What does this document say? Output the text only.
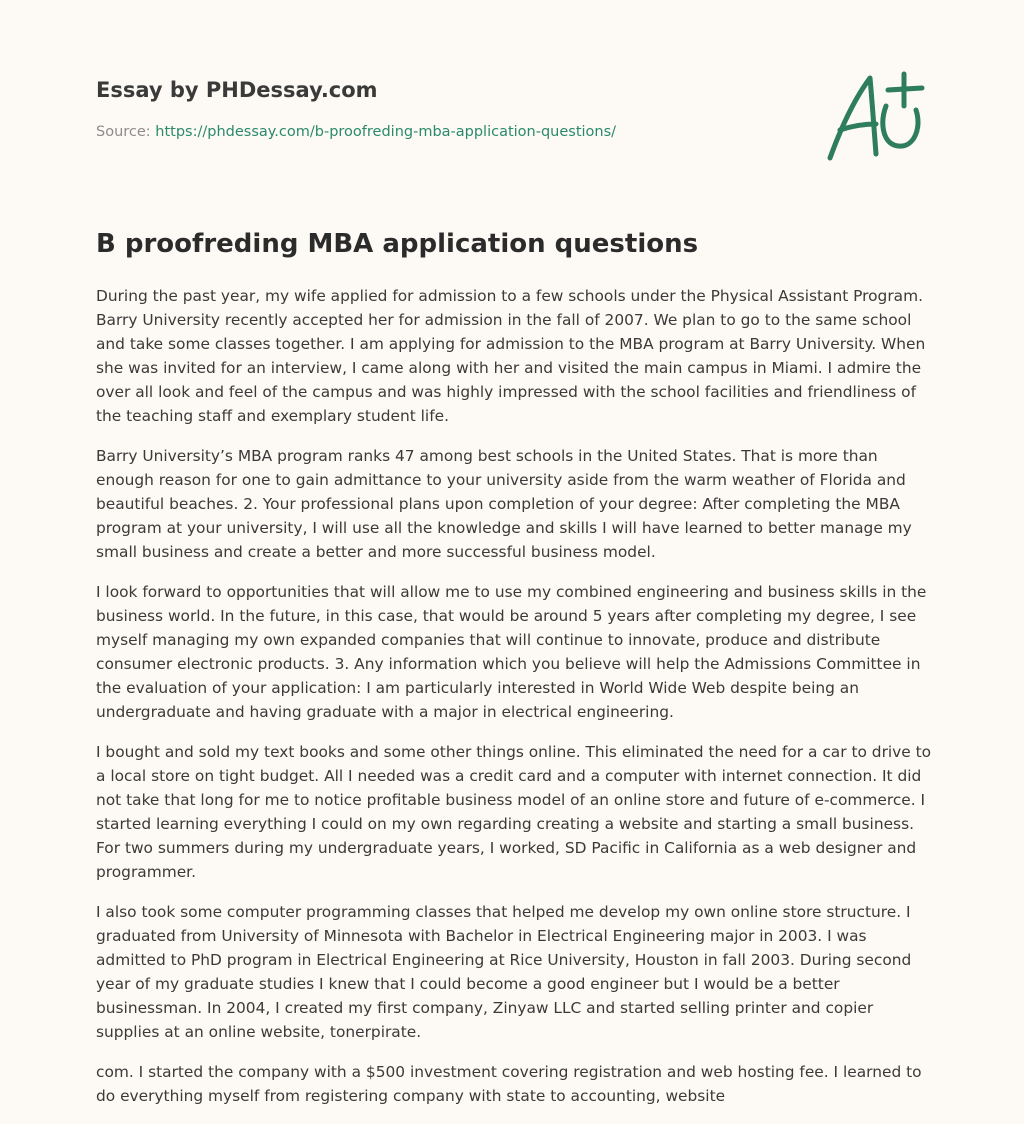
Essay by PHDessay.com
Source: https://phdessay.com/b-proofreding-mba-application-questions/
B proofreding MBA application questions

During the past year, my wife applied for admission to a few schools under the Physical Assistant Program. Barry University recently accepted her for admission in the fall of 2007. We plan to go to the same school and take some classes together. I am applying for admission to the MBA program at Barry University. When she was invited for an interview, I came along with her and visited the main campus in Miami. I admire the over all look and feel of the campus and was highly impressed with the school facilities and friendliness of the teaching staff and exemplary student life.

Barry University’s MBA program ranks 47 among best schools in the United States. That is more than enough reason for one to gain admittance to your university aside from the warm weather of Florida and beautiful beaches. 2. Your professional plans upon completion of your degree: After completing the MBA program at your university, I will use all the knowledge and skills I will have learned to better manage my small business and create a better and more successful business model.

I look forward to opportunities that will allow me to use my combined engineering and business skills in the business world. In the future, in this case, that would be around 5 years after completing my degree, I see myself managing my own expanded companies that will continue to innovate, produce and distribute consumer electronic products. 3. Any information which you believe will help the Admissions Committee in the evaluation of your application: I am particularly interested in World Wide Web despite being an undergraduate and having graduate with a major in electrical engineering.

I bought and sold my text books and some other things online. This eliminated the need for a car to drive to a local store on tight budget. All I needed was a credit card and a computer with internet connection. It did not take that long for me to notice profitable business model of an online store and future of e-commerce. I started learning everything I could on my own regarding creating a website and starting a small business. For two summers during my undergraduate years, I worked, SD Pacific in California as a web designer and programmer.

I also took some computer programming classes that helped me develop my own online store structure. I graduated from University of Minnesota with Bachelor in Electrical Engineering major in 2003. I was admitted to PhD program in Electrical Engineering at Rice University, Houston in fall 2003. During second year of my graduate studies I knew that I could become a good engineer but I would be a better businessman. In 2004, I created my first company, Zinyaw LLC and started selling printer and copier supplies at an online website, tonerpirate.

com. I started the company with a $500 investment covering registration and web hosting fee. I learned to do everything myself from registering company with state to accounting, website
